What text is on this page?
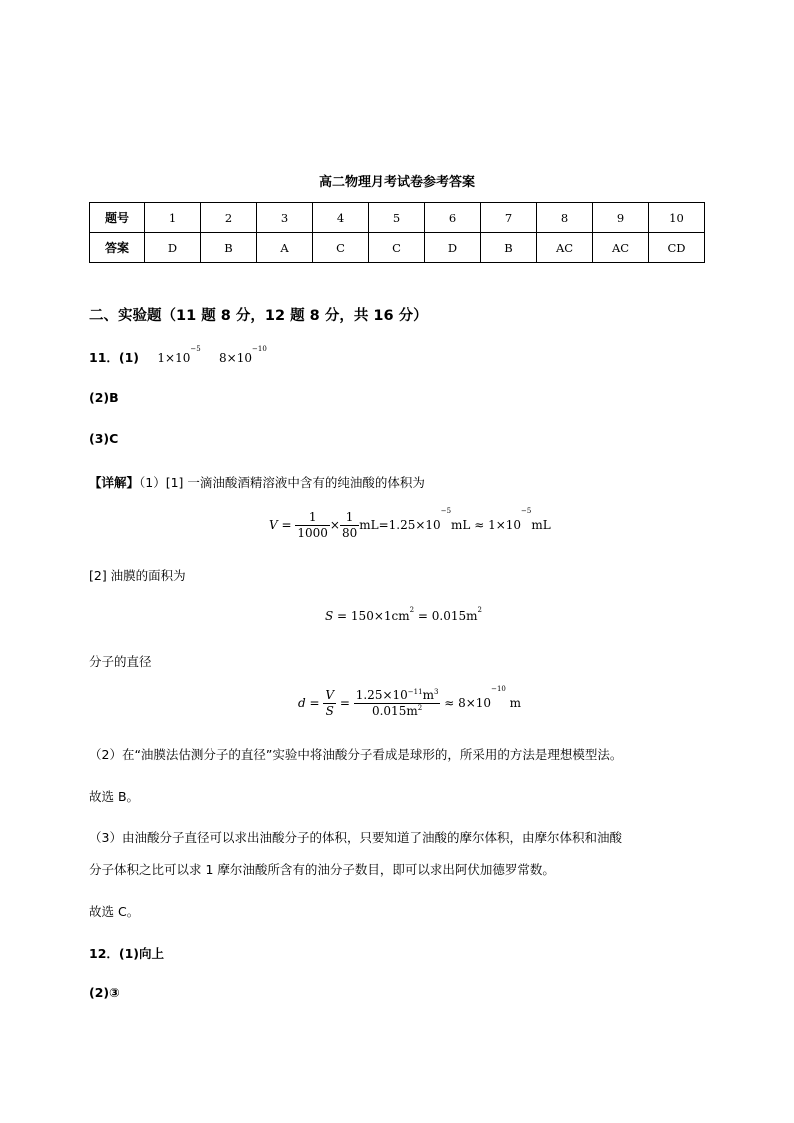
高二物理月考试卷参考答案
题号	1	2	3	4	5	6	7	8	9	10
答案	D	B	A	C	C	D	B	AC	AC	CD
二、实验题（11 题 8 分，12 题 8 分，共 16 分）
11．(1) $1\times 10^{-5}$ $8\times 10^{-10}$
(2)B
(3)C
【详解】（1）[1] 一滴油酸酒精溶液中含有的纯油酸的体积为
$V = \frac{1}{1000} \times \frac{1}{80} mL=1.25\times 10^{-5}mL \approx 1\times 10^{-5}mL$
[2] 油膜的面积为
$S = 150\times 1cm^2 = 0.015m^2$
分子的直径
$d = \frac{V}{S} = \frac{1.25\times 10^{-11}m^3}{0.015m^2} \approx 8\times 10^{-10}$ m
（2）在“油膜法估测分子的直径”实验中将油酸分子看成是球形的，所采用的方法是理想模型法。
故选 B。
（3）由油酸分子直径可以求出油酸分子的体积，只要知道了油酸的摩尔体积，由摩尔体积和油酸
分子体积之比可以求 1 摩尔油酸所含有的油分子数目，即可以求出阿伏加德罗常数。
故选 C。
12．(1)向上
(2)③
